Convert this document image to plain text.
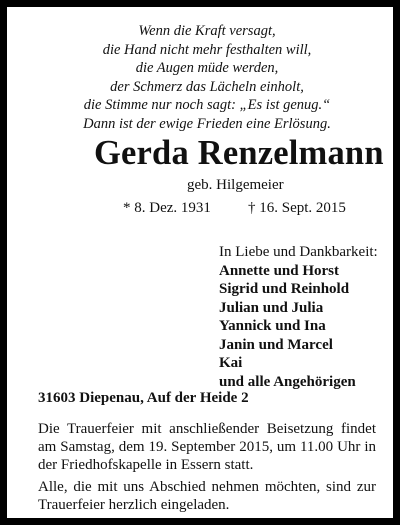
Wenn die Kraft versagt,
die Hand nicht mehr festhalten will,
die Augen müde werden,
der Schmerz das Lächeln einholt,
die Stimme nur noch sagt: „Es ist genug.“
Dann ist der ewige Frieden eine Erlösung.
Gerda Renzelmann
geb. Hilgemeier
* 8. Dez. 1931 † 16. Sept. 2015
In Liebe und Dankbarkeit:
Annette und Horst
Sigrid und Reinhold
Julian und Julia
Yannick und Ina
Janin und Marcel
Kai
und alle Angehörigen
31603 Diepenau, Auf der Heide 2
Die Trauerfeier mit anschließender Beisetzung findet am Samstag, dem 19. September 2015, um 11.00 Uhr in der Friedhofskapelle in Essern statt.
Alle, die mit uns Abschied nehmen möchten, sind zur Trauerfeier herzlich eingeladen.
